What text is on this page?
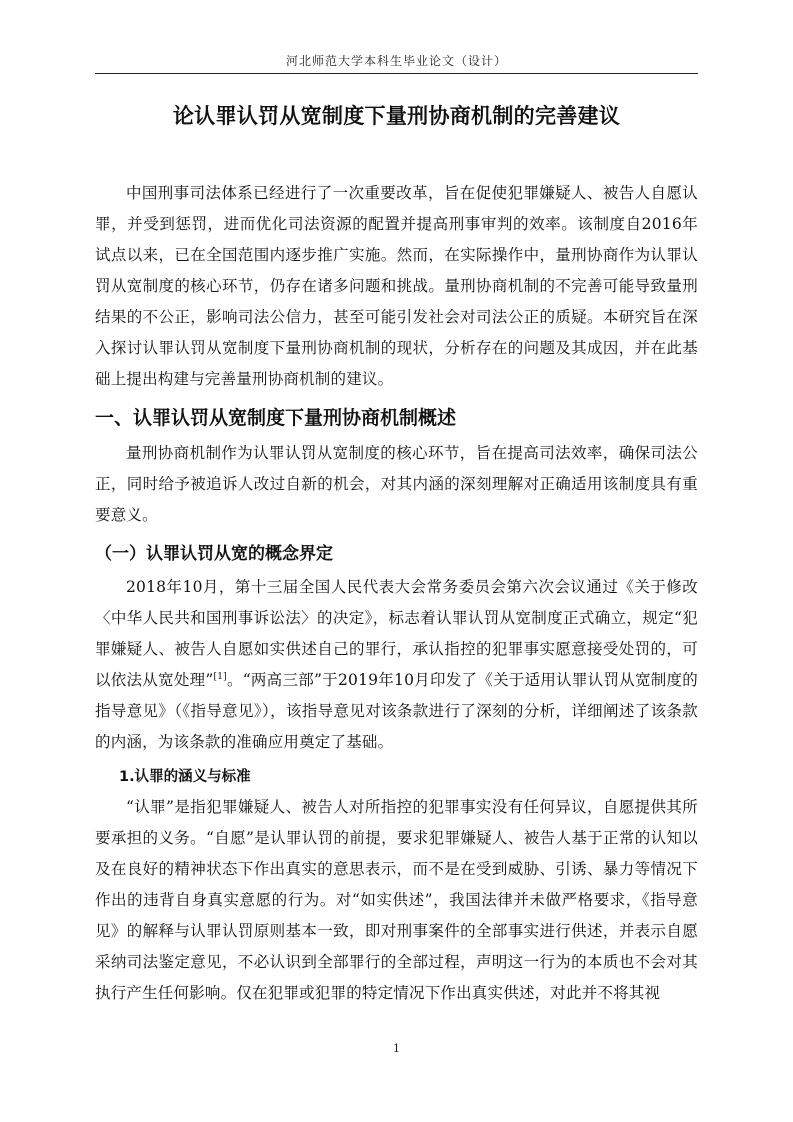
河北师范大学本科生毕业论文（设计）
论认罪认罚从宽制度下量刑协商机制的完善建议

中国刑事司法体系已经进行了一次重要改革，旨在促使犯罪嫌疑人、被告人自愿认罪，并受到惩罚，进而优化司法资源的配置并提高刑事审判的效率。该制度自2016年试点以来，已在全国范围内逐步推广实施。然而，在实际操作中，量刑协商作为认罪认罚从宽制度的核心环节，仍存在诸多问题和挑战。量刑协商机制的不完善可能导致量刑结果的不公正，影响司法公信力，甚至可能引发社会对司法公正的质疑。本研究旨在深入探讨认罪认罚从宽制度下量刑协商机制的现状，分析存在的问题及其成因，并在此基础上提出构建与完善量刑协商机制的建议。

一、认罪认罚从宽制度下量刑协商机制概述

量刑协商机制作为认罪认罚从宽制度的核心环节，旨在提高司法效率，确保司法公正，同时给予被追诉人改过自新的机会，对其内涵的深刻理解对正确适用该制度具有重要意义。

（一）认罪认罚从宽的概念界定

2018年10月，第十三届全国人民代表大会常务委员会第六次会议通过《关于修改〈中华人民共和国刑事诉讼法〉的决定》，标志着认罪认罚从宽制度正式确立，规定“犯罪嫌疑人、被告人自愿如实供述自己的罪行，承认指控的犯罪事实愿意接受处罚的，可以依法从宽处理”[1]。“两高三部”于2019年10月印发了《关于适用认罪认罚从宽制度的指导意见》（《指导意见》），该指导意见对该条款进行了深刻的分析，详细阐述了该条款的内涵，为该条款的准确应用奠定了基础。

1.认罪的涵义与标准

“认罪”是指犯罪嫌疑人、被告人对所指控的犯罪事实没有任何异议，自愿提供其所要承担的义务。“自愿”是认罪认罚的前提，要求犯罪嫌疑人、被告人基于正常的认知以及在良好的精神状态下作出真实的意思表示，而不是在受到威胁、引诱、暴力等情况下作出的违背自身真实意愿的行为。对“如实供述”，我国法律并未做严格要求，《指导意见》的解释与认罪认罚原则基本一致，即对刑事案件的全部事实进行供述，并表示自愿采纳司法鉴定意见，不必认识到全部罪行的全部过程，声明这一行为的本质也不会对其执行产生任何影响。仅在犯罪或犯罪的特定情况下作出真实供述，对此并不将其视

1
